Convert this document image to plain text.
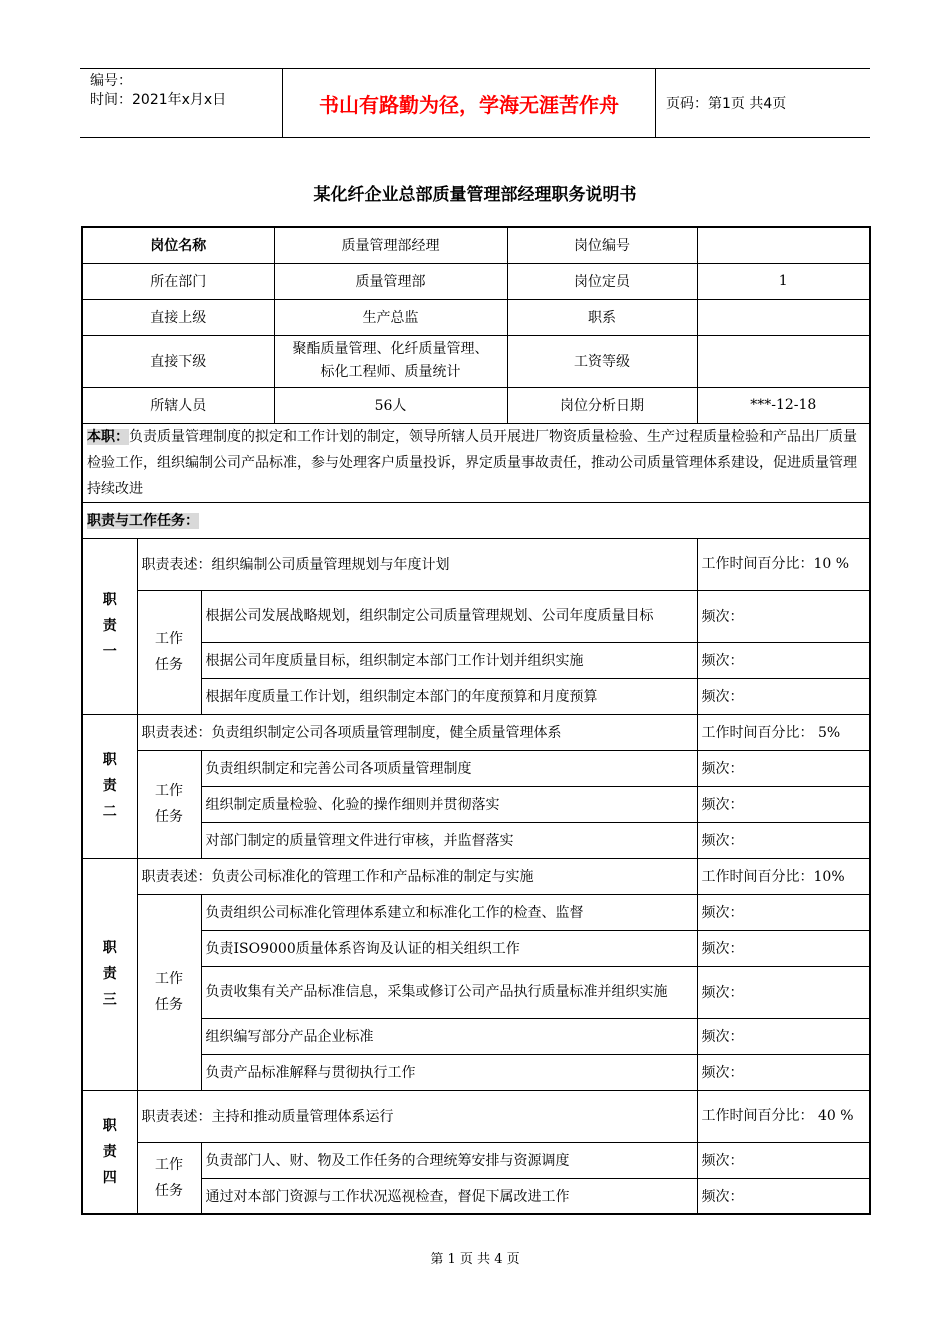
编号：
时间：2021年x月x日	书山有路勤为径，学海无涯苦作舟	页码：第1页 共4页
某化纤企业总部质量管理部经理职务说明书
岗位名称			质量管理部经理	岗位编号	
所在部门			质量管理部	岗位定员	1
直接上级			生产总监	职系	
直接下级			聚酯质量管理、化纤质量管理、标化工程师、质量统计	工资等级	
所辖人员			56人	岗位分析日期	***-12-18
本职：负责质量管理制度的拟定和工作计划的制定，领导所辖人员开展进厂物资质量检验、生产过程质量检验和产品出厂质量检验工作，组织编制公司产品标准，参与处理客户质量投诉，界定质量事故责任，推动公司质量管理体系建设，促进质量管理持续改进					
职责与工作任务：					
职责一	职责表述：组织编制公司质量管理规划与年度计划				工作时间百分比：10 %
	工作任务	根据公司发展战略规划，组织制定公司质量管理规划、公司年度质量目标			频次：
		根据公司年度质量目标，组织制定本部门工作计划并组织实施			频次：
		根据年度质量工作计划，组织制定本部门的年度预算和月度预算			频次：
职责二	职责表述：负责组织制定公司各项质量管理制度，健全质量管理体系				工作时间百分比： 5%
	工作任务	负责组织制定和完善公司各项质量管理制度			频次：
		组织制定质量检验、化验的操作细则并贯彻落实			频次：
		对部门制定的质量管理文件进行审核，并监督落实			频次：
职责三	职责表述：负责公司标准化的管理工作和产品标准的制定与实施				工作时间百分比：10%
	工作任务	负责组织公司标准化管理体系建立和标准化工作的检查、监督			频次：
		负责ISO9000质量体系咨询及认证的相关组织工作			频次：
		负责收集有关产品标准信息，采集或修订公司产品执行质量标准并组织实施			频次：
		组织编写部分产品企业标准			频次：
		负责产品标准解释与贯彻执行工作			频次：
职责四	职责表述：主持和推动质量管理体系运行				工作时间百分比： 40 %
	工作任务	负责部门人、财、物及工作任务的合理统筹安排与资源调度			频次：
		通过对本部门资源与工作状况巡视检查，督促下属改进工作			频次：
第 1 页 共 4 页
